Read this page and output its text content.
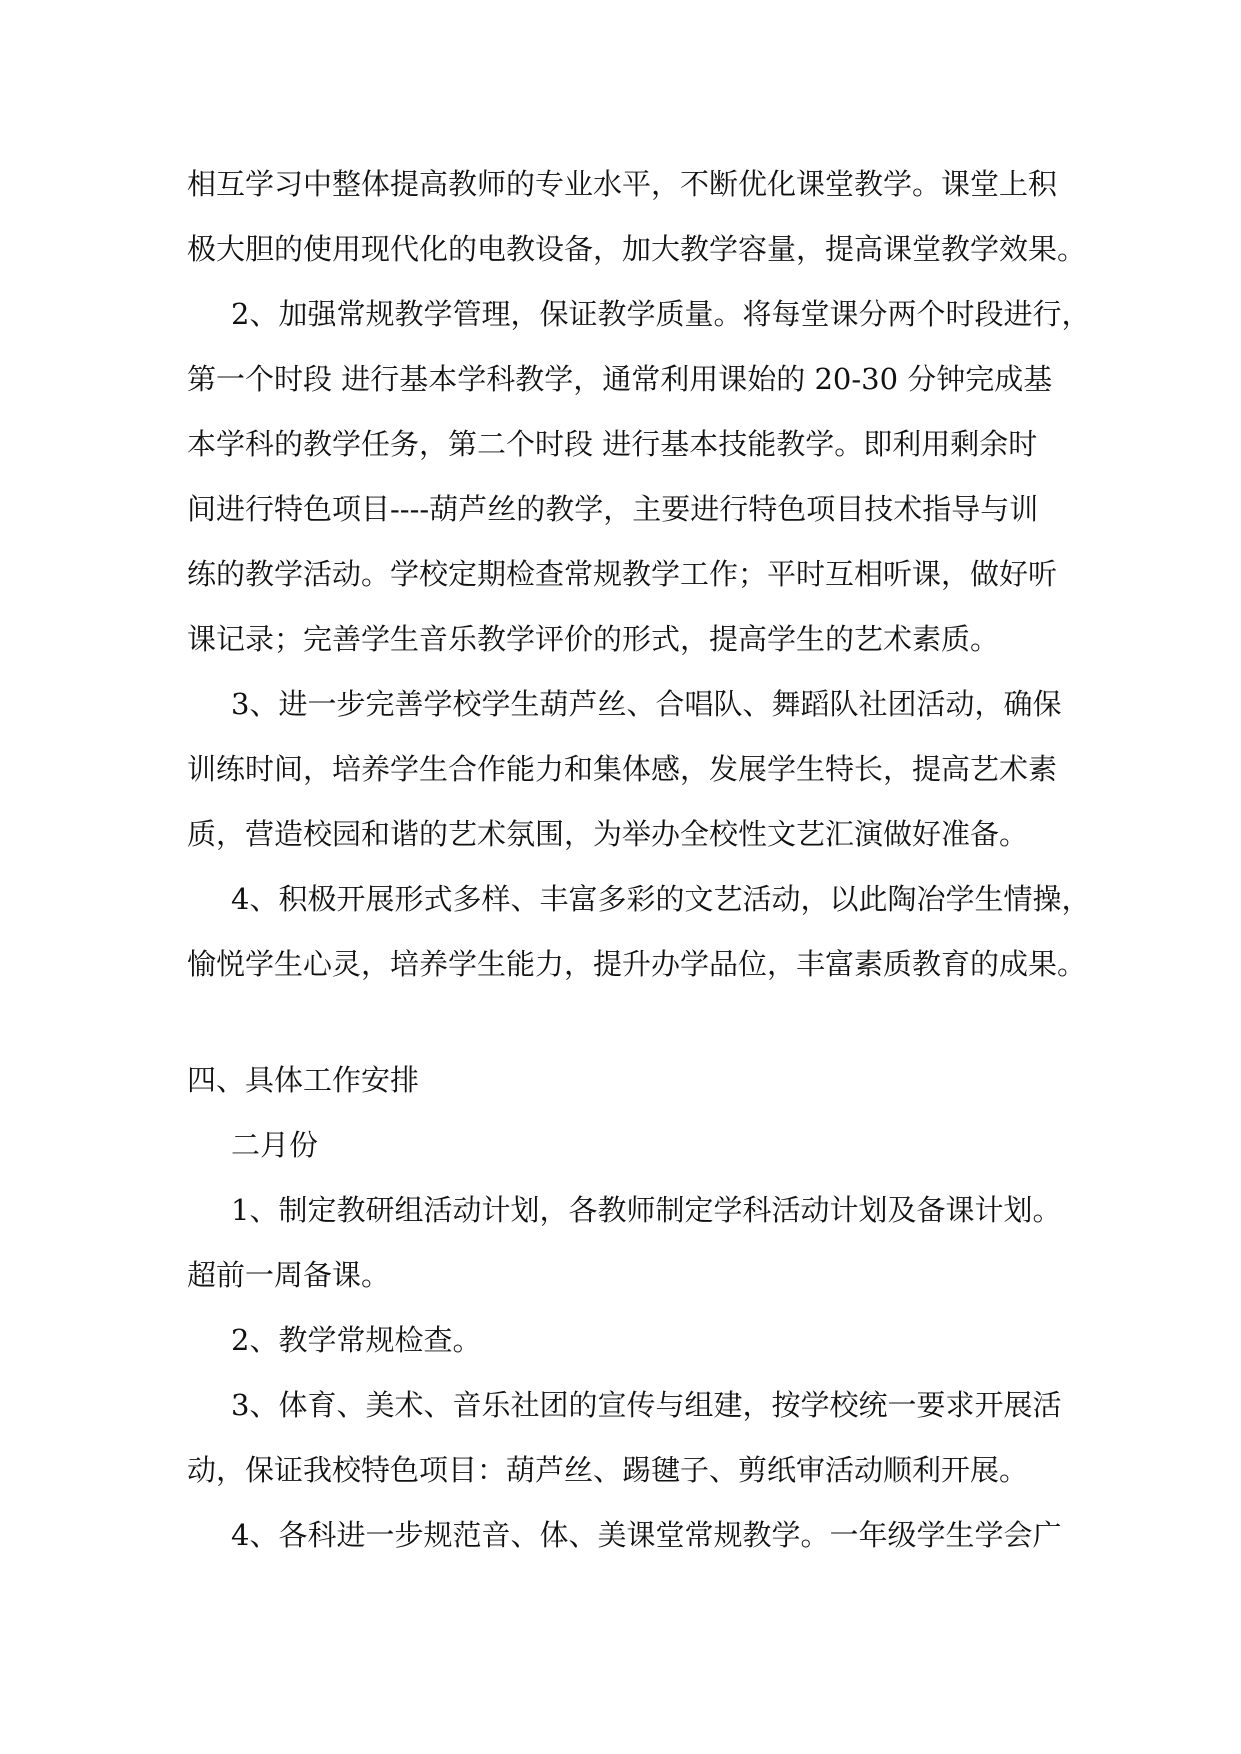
相互学习中整体提高教师的专业水平，不断优化课堂教学。课堂上积
极大胆的使用现代化的电教设备，加大教学容量，提高课堂教学效果。
2、加强常规教学管理，保证教学质量。将每堂课分两个时段进行，
第一个时段 进行基本学科教学，通常利用课始的 20-30 分钟完成基
本学科的教学任务，第二个时段 进行基本技能教学。即利用剩余时
间进行特色项目----葫芦丝的教学，主要进行特色项目技术指导与训
练的教学活动。学校定期检查常规教学工作；平时互相听课，做好听
课记录；完善学生音乐教学评价的形式，提高学生的艺术素质。
3、进一步完善学校学生葫芦丝、合唱队、舞蹈队社团活动，确保
训练时间，培养学生合作能力和集体感，发展学生特长，提高艺术素
质，营造校园和谐的艺术氛围，为举办全校性文艺汇演做好准备。
4、积极开展形式多样、丰富多彩的文艺活动，以此陶冶学生情操，
愉悦学生心灵，培养学生能力，提升办学品位，丰富素质教育的成果。
四、具体工作安排
二月份
1、制定教研组活动计划，各教师制定学科活动计划及备课计划。
超前一周备课。
2、教学常规检查。
3、体育、美术、音乐社团的宣传与组建，按学校统一要求开展活
动，保证我校特色项目：葫芦丝、踢毽子、剪纸审活动顺利开展。
4、各科进一步规范音、体、美课堂常规教学。一年级学生学会广
